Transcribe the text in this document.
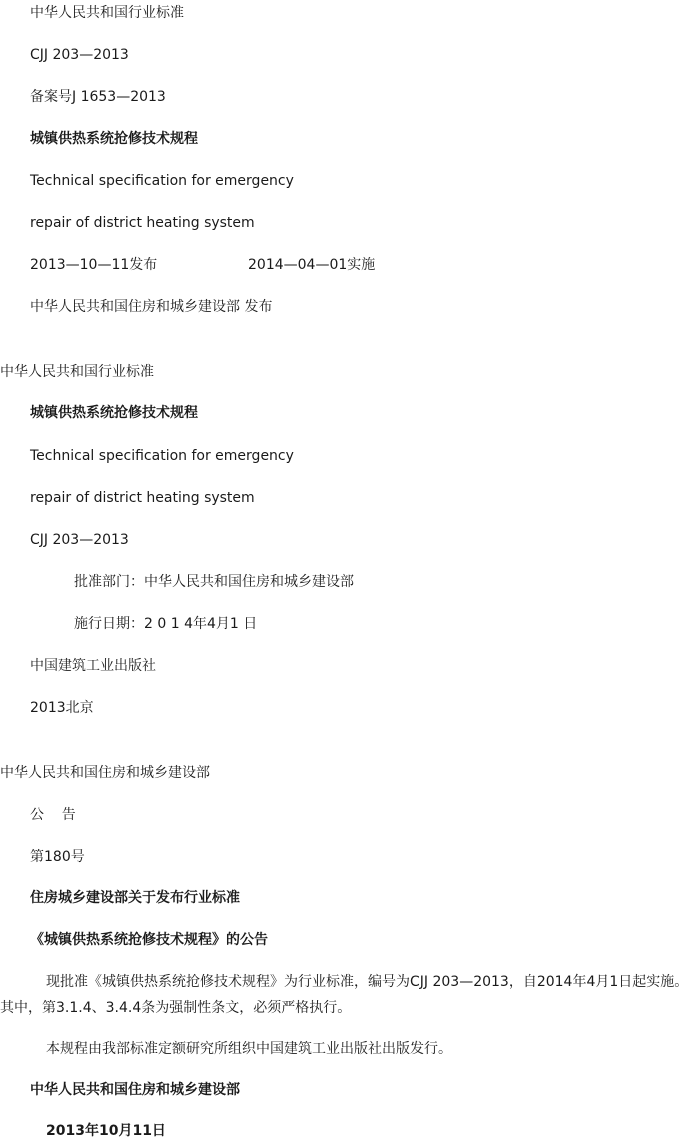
中华人民共和国行业标准
CJJ 203—2013
备案号J 1653—2013
城镇供热系统抢修技术规程
Technical specification for emergency
repair of district heating system
2013—10—11发布	2014—04—01实施
中华人民共和国住房和城乡建设部 发布
中华人民共和国行业标准
城镇供热系统抢修技术规程
Technical specification for emergency
repair of district heating system
CJJ 203—2013
批准部门：中华人民共和国住房和城乡建设部
施行日期：2 0 1 4年4月1 日
中国建筑工业出版社
2013北京
中华人民共和国住房和城乡建设部
公    告
第180号
住房城乡建设部关于发布行业标准
《城镇供热系统抢修技术规程》的公告
现批准《城镇供热系统抢修技术规程》为行业标准，编号为CJJ 203—2013，自2014年4月1日起实施。其中，第3.1.4、3.4.4条为强制性条文，必须严格执行。
本规程由我部标准定额研究所组织中国建筑工业出版社出版发行。
中华人民共和国住房和城乡建设部
2013年10月11日
